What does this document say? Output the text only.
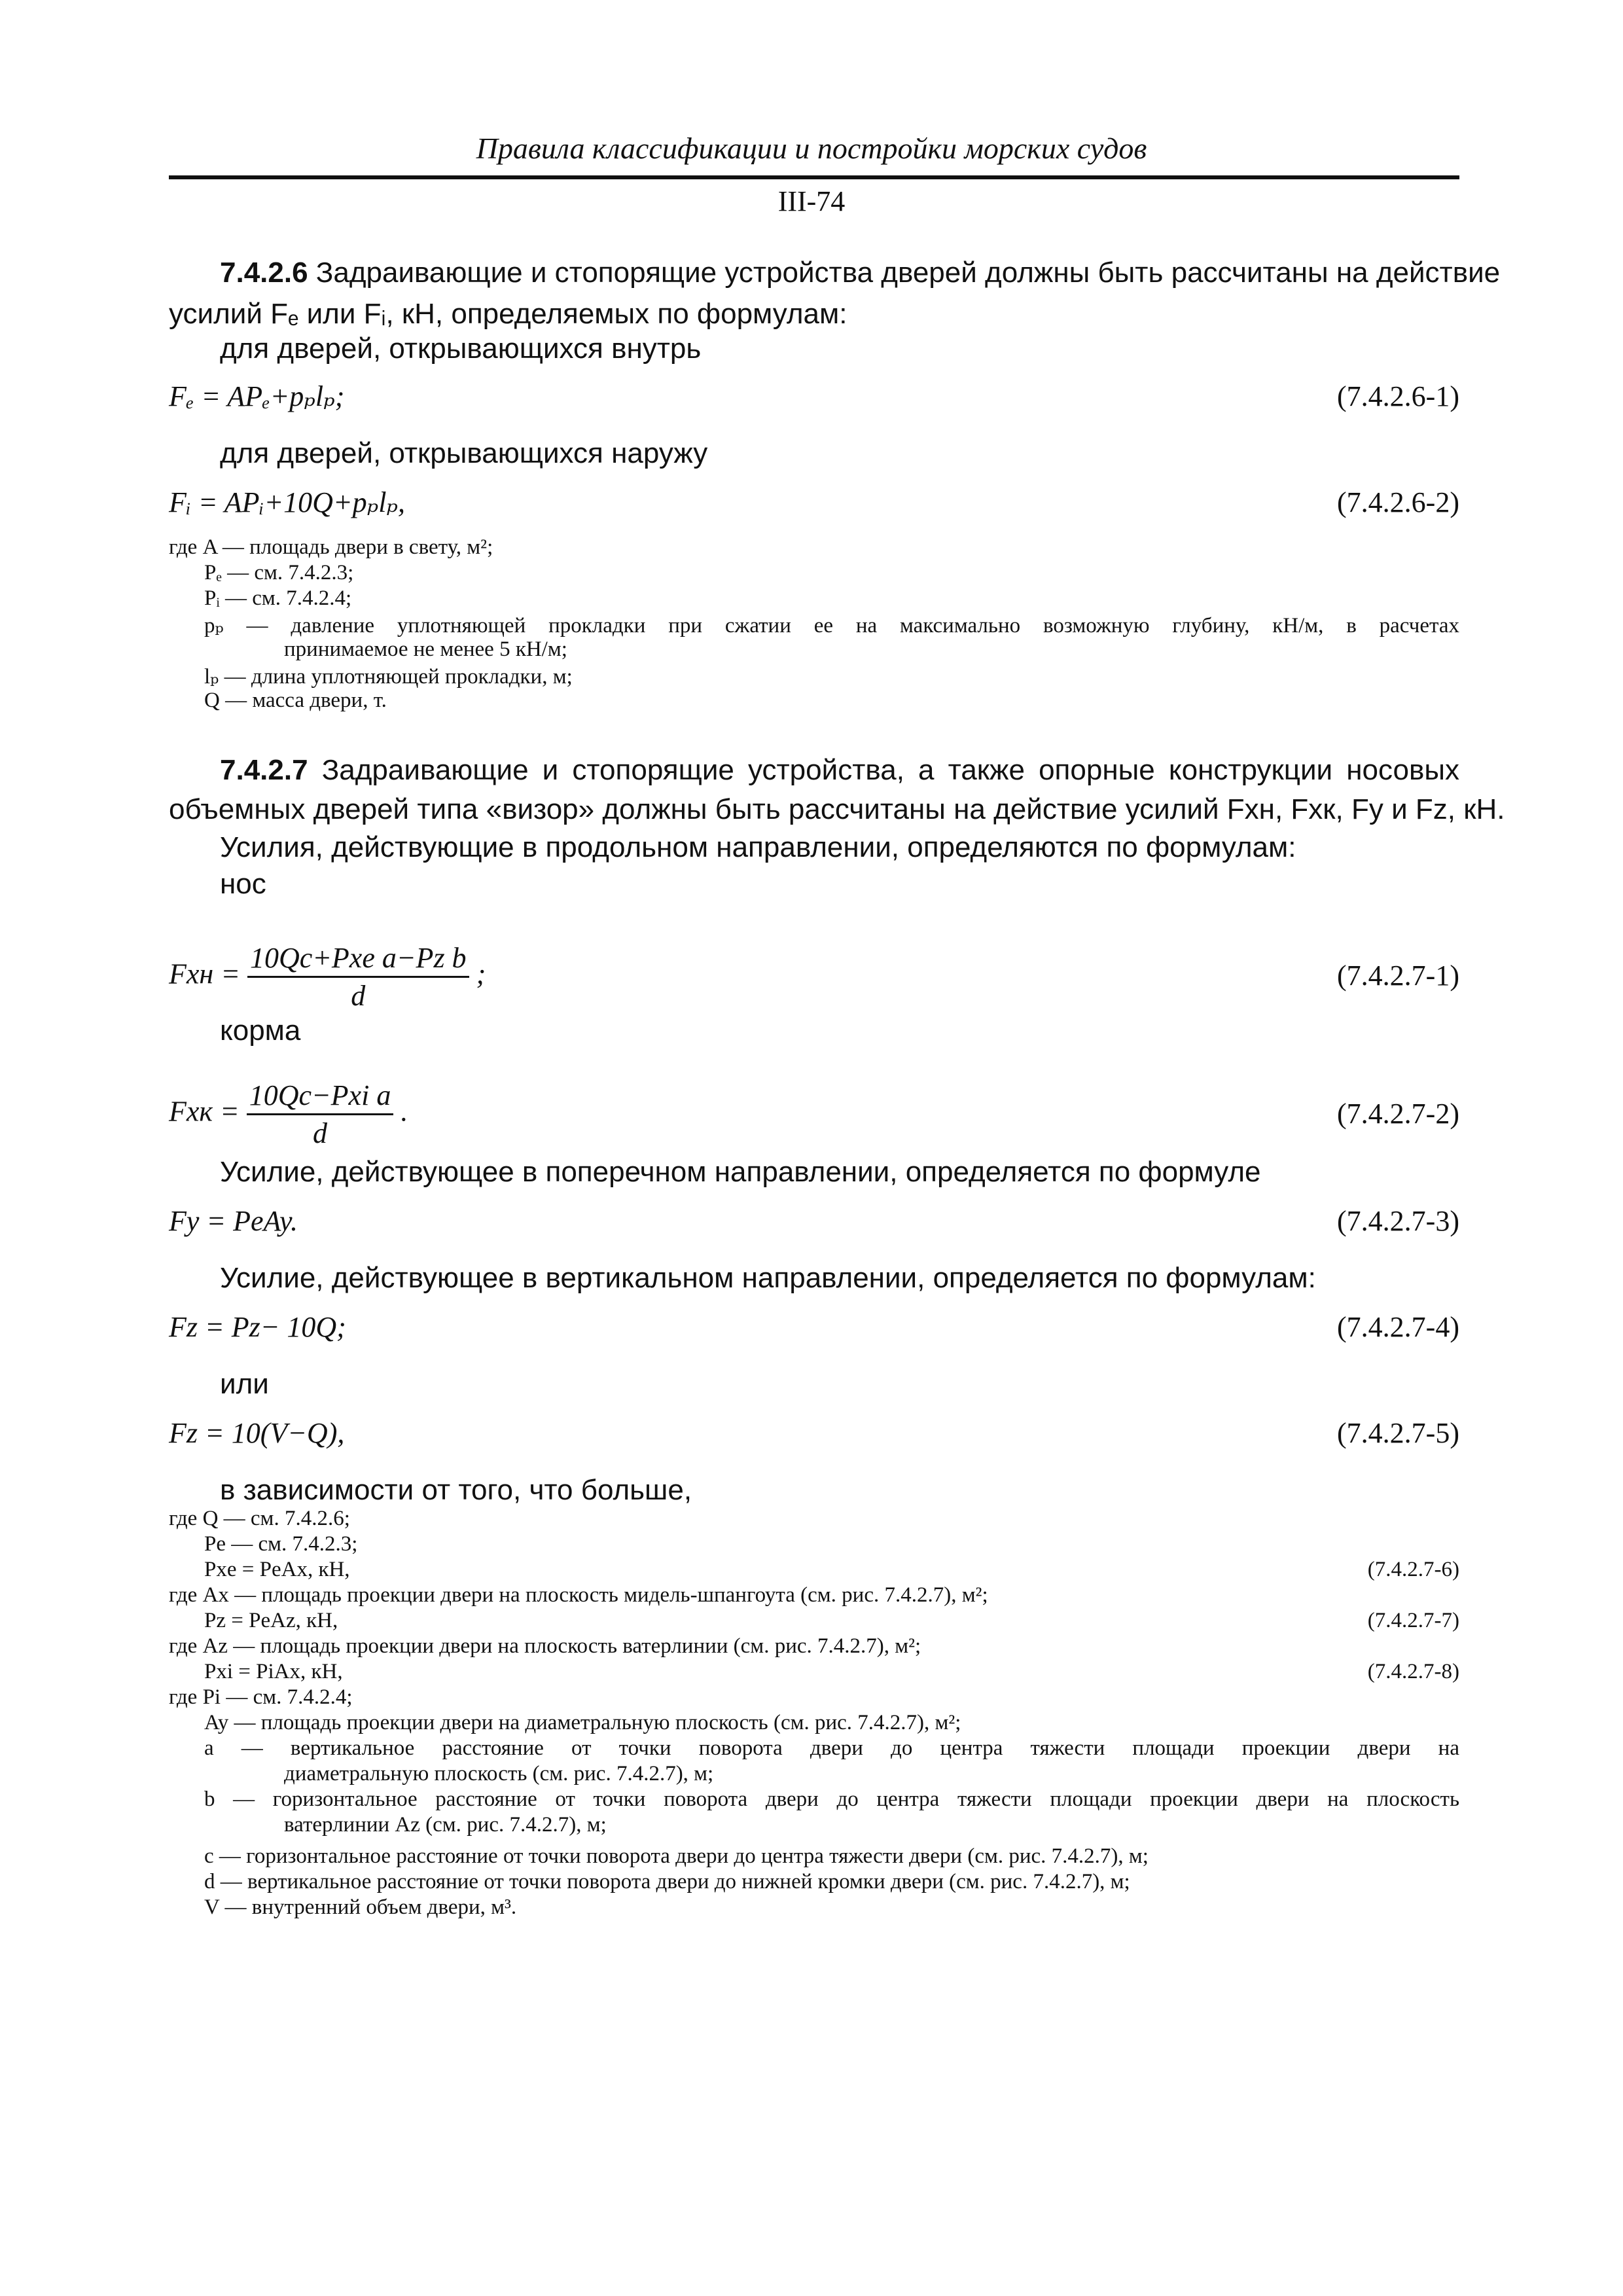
Правила классификации и постройки морских судов
III-74
7.4.2.6 Задраивающие и стопорящие устройства дверей должны быть рассчитаны на действие
усилий Fₑ или Fᵢ, кН, определяемых по формулам:
для дверей, открывающихся внутрь
Fₑ = APₑ+pₚlₚ;	(7.4.2.6-1)
для дверей, открывающихся наружу
Fᵢ = APᵢ+10Q+pₚlₚ,	(7.4.2.6-2)
где A — площадь двери в свету, м²;
Pₑ — см. 7.4.2.3;
Pᵢ — см. 7.4.2.4;
pₚ — давление уплотняющей прокладки при сжатии ее на максимально возможную глубину, кН/м, в расчетах
принимаемое не менее 5 кН/м;
lₚ — длина уплотняющей прокладки, м;
Q — масса двери, т.
7.4.2.7 Задраивающие и стопорящие устройства, а также опорные конструкции носовых
объемных дверей типа «визор» должны быть рассчитаны на действие усилий Fхн, Fхк, Fy и Fz, кН.
Усилия, действующие в продольном направлении, определяются по формулам:
нос
Fхн = $\frac{\text{10Qc+Pxe a−Pz b}}{d}$ ;	(7.4.2.7-1)
корма
Fхк = $\frac{\text{10Qc−Pxi a}}{d}$ .	(7.4.2.7-2)
Усилие, действующее в поперечном направлении, определяется по формуле
Fy = PeAy.	(7.4.2.7-3)
Усилие, действующее в вертикальном направлении, определяется по формулам:
Fz = Pz− 10Q;	(7.4.2.7-4)
или
Fz = 10(V−Q),	(7.4.2.7-5)
в зависимости от того, что больше,
где Q — см. 7.4.2.6;
Pe — см. 7.4.2.3;
Pxe = PeAx, кН,	(7.4.2.7-6)
где Ax — площадь проекции двери на плоскость мидель-шпангоута (см. рис. 7.4.2.7), м²;
Pz = PeAz, кН,	(7.4.2.7-7)
где Az — площадь проекции двери на плоскость ватерлинии (см. рис. 7.4.2.7), м²;
Pxi = PiAx, кН,	(7.4.2.7-8)
где Pi — см. 7.4.2.4;
Ay — площадь проекции двери на диаметральную плоскость (см. рис. 7.4.2.7), м²;
a — вертикальное расстояние от точки поворота двери до центра тяжести площади проекции двери на
диаметральную плоскость (см. рис. 7.4.2.7), м;
b — горизонтальное расстояние от точки поворота двери до центра тяжести площади проекции двери на плоскость
ватерлинии Az (см. рис. 7.4.2.7), м;
c — горизонтальное расстояние от точки поворота двери до центра тяжести двери (см. рис. 7.4.2.7), м;
d — вертикальное расстояние от точки поворота двери до нижней кромки двери (см. рис. 7.4.2.7), м;
V — внутренний объем двери, м³.
